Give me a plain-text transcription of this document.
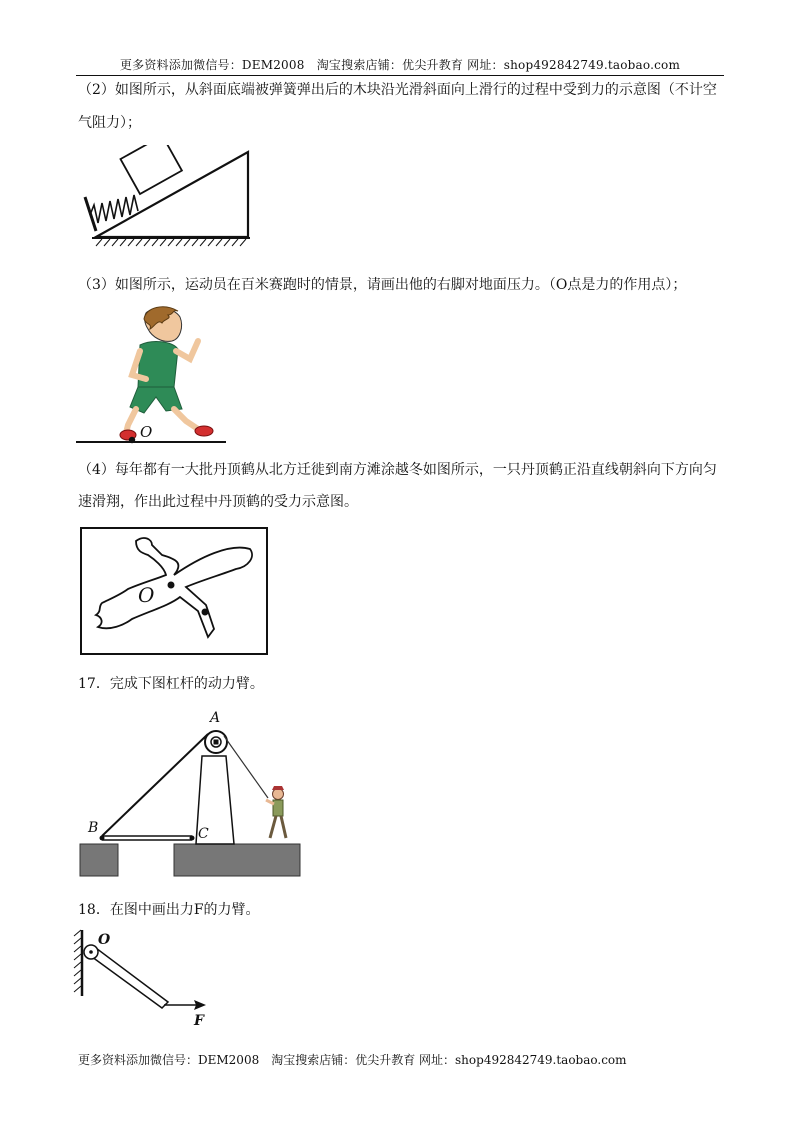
更多资料添加微信号：DEM2008　淘宝搜索店铺：优尖升教育 网址：shop492842749.taobao.com
（2）如图所示，从斜面底端被弹簧弹出后的木块沿光滑斜面向上滑行的过程中受到力的示意图（不计空
气阻力）；
（3）如图所示，运动员在百米赛跑时的情景，请画出他的右脚对地面压力。（O点是力的作用点）；
O
（4）每年都有一大批丹顶鹤从北方迁徙到南方滩涂越冬如图所示，一只丹顶鹤正沿直线朝斜向下方向匀
速滑翔，作出此过程中丹顶鹤的受力示意图。
O
17．完成下图杠杆的动力臂。
A
B	C
18．在图中画出力F的力臂。
O
F
更多资料添加微信号：DEM2008　淘宝搜索店铺：优尖升教育 网址：shop492842749.taobao.com
